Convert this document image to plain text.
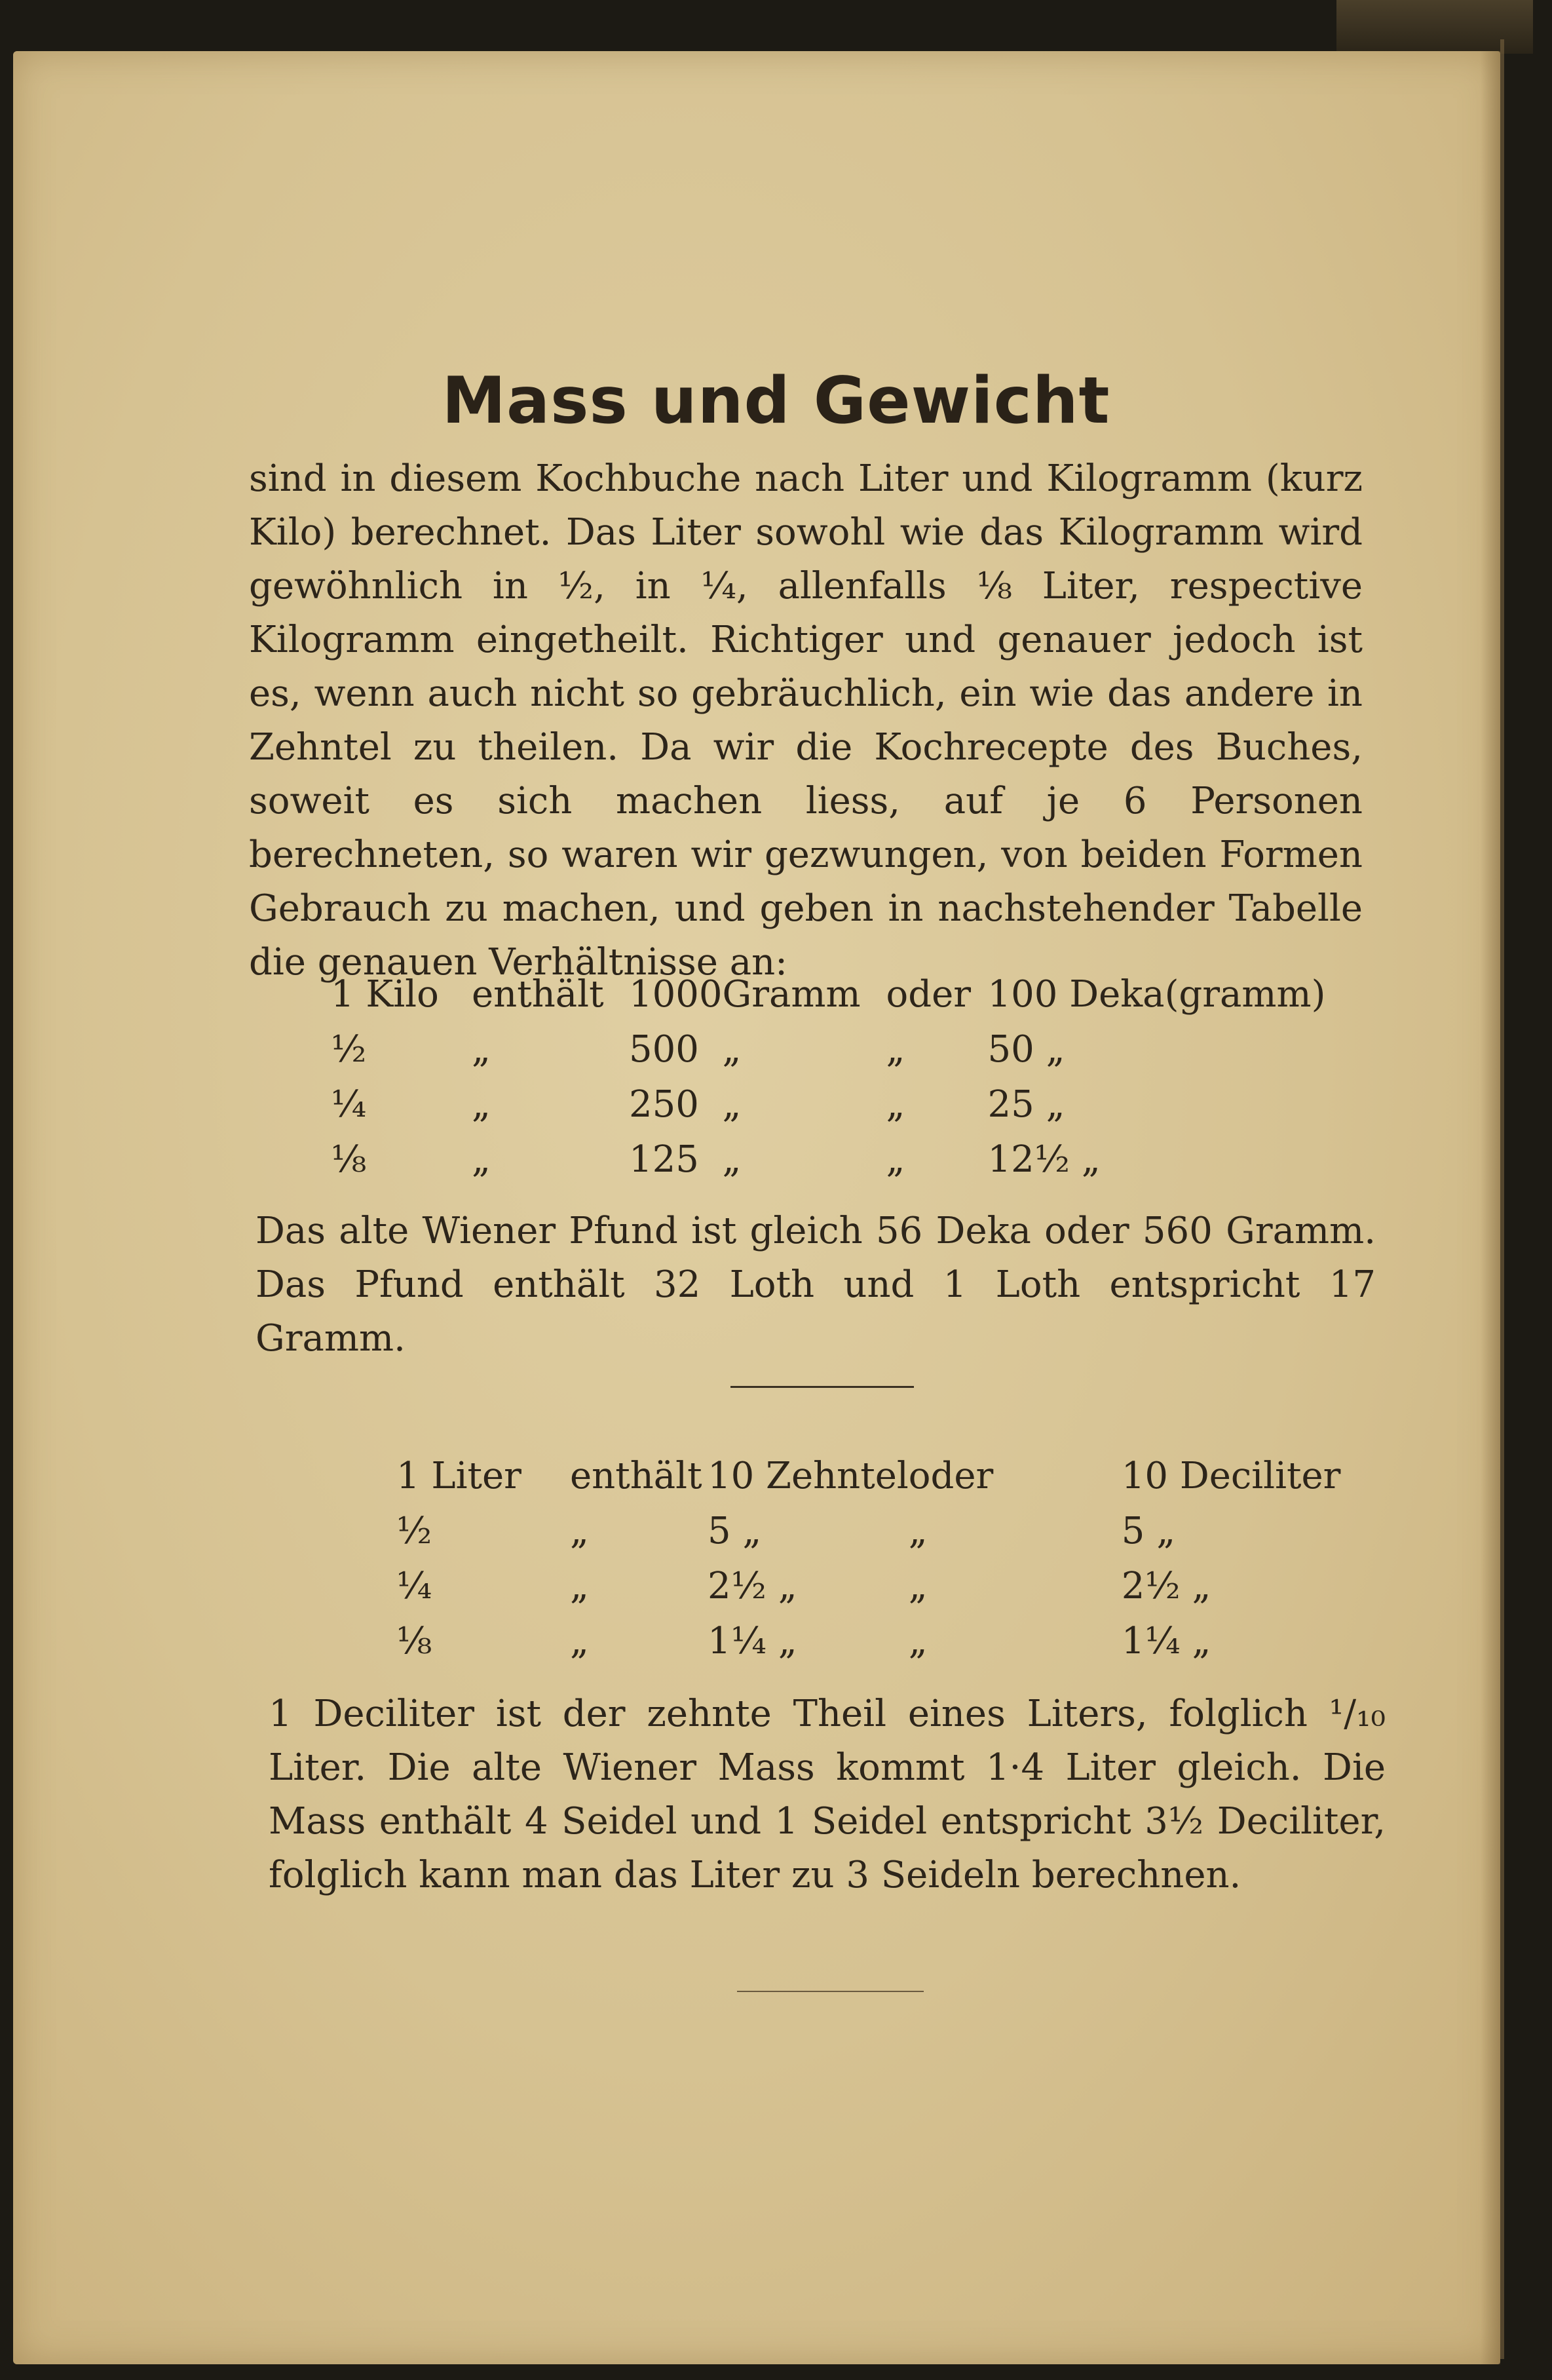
Mass und Gewicht
sind in diesem Kochbuche nach Liter und Kilogramm (kurz Kilo) berechnet. Das Liter sowohl wie das Kilogramm wird gewöhnlich in ½, in ¼, allenfalls ⅛ Liter, respective Kilogramm eingetheilt. Richtiger und genauer jedoch ist es, wenn auch nicht so gebräuchlich, ein wie das andere in Zehntel zu theilen. Da wir die Kochrecepte des Buches, soweit es sich machen liess, auf je 6 Personen berechneten, so waren wir gezwungen, von beiden Formen Gebrauch zu machen, und geben in nachstehender Tabelle die genauen Verhältnisse an:
1 Kilo	enthält	1000	Gramm	oder	100 Deka(gramm)
½	„	500	„	„	50 „
¼	„	250	„	„	25 „
⅛	„	125	„	„	12½ „
Das alte Wiener Pfund ist gleich 56 Deka oder 560 Gramm. Das Pfund enthält 32 Loth und 1 Loth entspricht 17 Gramm.
1 Liter	enthält	10 Zehntel	oder	10 Deciliter
½	„	5 „	„	5 „
¼	„	2½ „	„	2½ „
⅛	„	1¼ „	„	1¼ „
1 Deciliter ist der zehnte Theil eines Liters, folglich ¹/₁₀ Liter. Die alte Wiener Mass kommt 1·4 Liter gleich. Die Mass enthält 4 Seidel und 1 Seidel entspricht 3½ Deciliter, folglich kann man das Liter zu 3 Seideln berechnen.
